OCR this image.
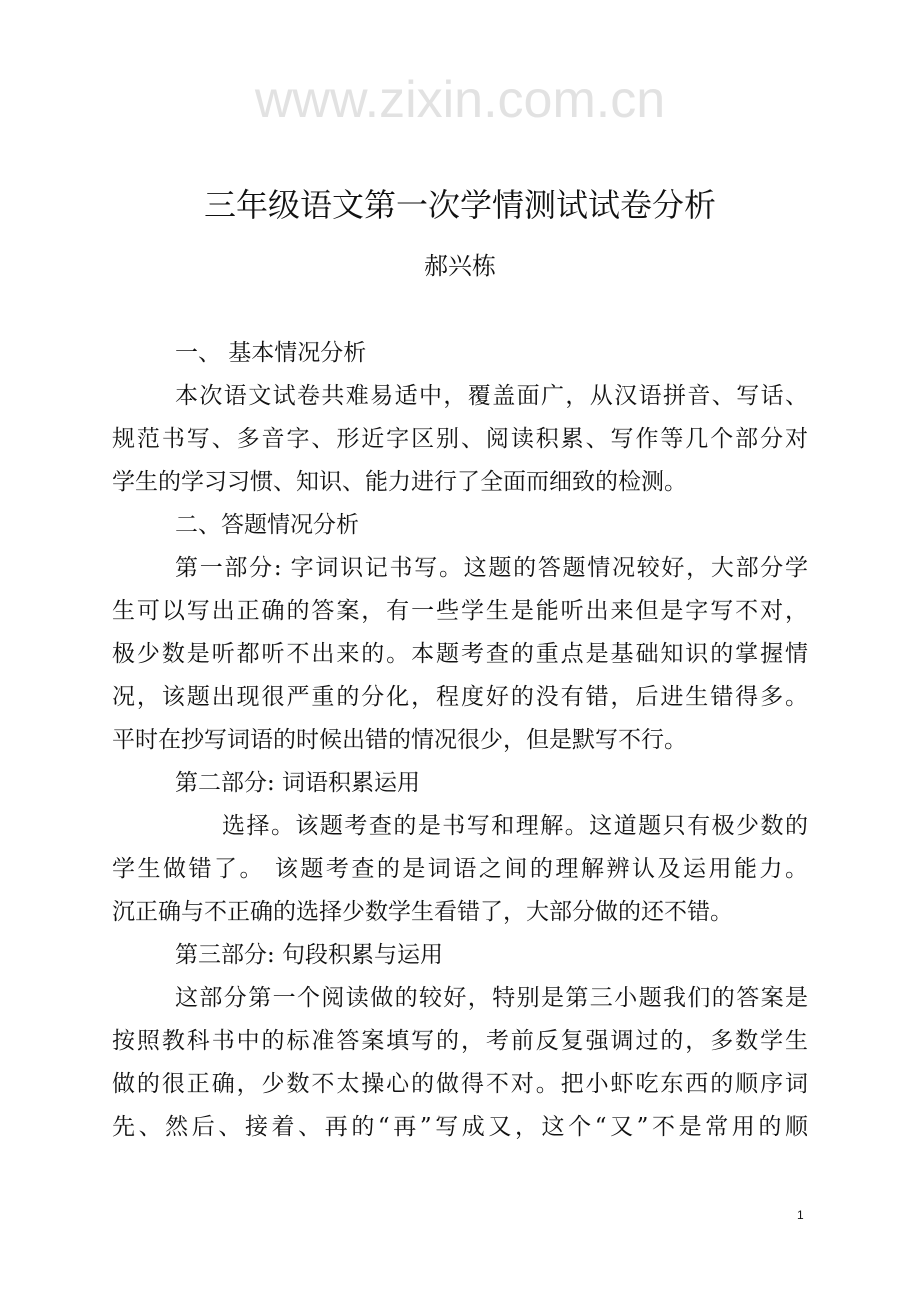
www.zixin.com.cn
三年级语文第一次学情测试试卷分析
郝兴栋
一、 基本情况分析
本次语文试卷共难易适中，覆盖面广，从汉语拼音、写话、
规范书写、多音字、形近字区别、阅读积累、写作等几个部分对
学生的学习习惯、知识、能力进行了全面而细致的检测。
二、答题情况分析
第一部分: 字词识记书写。这题的答题情况较好，大部分学
生可以写出正确的答案，有一些学生是能听出来但是字写不对，
极少数是听都听不出来的。本题考查的重点是基础知识的掌握情
况，该题出现很严重的分化，程度好的没有错，后进生错得多。
平时在抄写词语的时候出错的情况很少，但是默写不行。
第二部分: 词语积累运用
选择。该题考查的是书写和理解。这道题只有极少数的
学生做错了。 该题考查的是词语之间的理解辨认及运用能力。
沉正确与不正确的选择少数学生看错了，大部分做的还不错。
第三部分: 句段积累与运用
这部分第一个阅读做的较好，特别是第三小题我们的答案是
按照教科书中的标准答案填写的，考前反复强调过的，多数学生
做的很正确，少数不太操心的做得不对。把小虾吃东西的顺序词
先、然后、接着、再的“再”写成又，这个“又”不是常用的顺
1
